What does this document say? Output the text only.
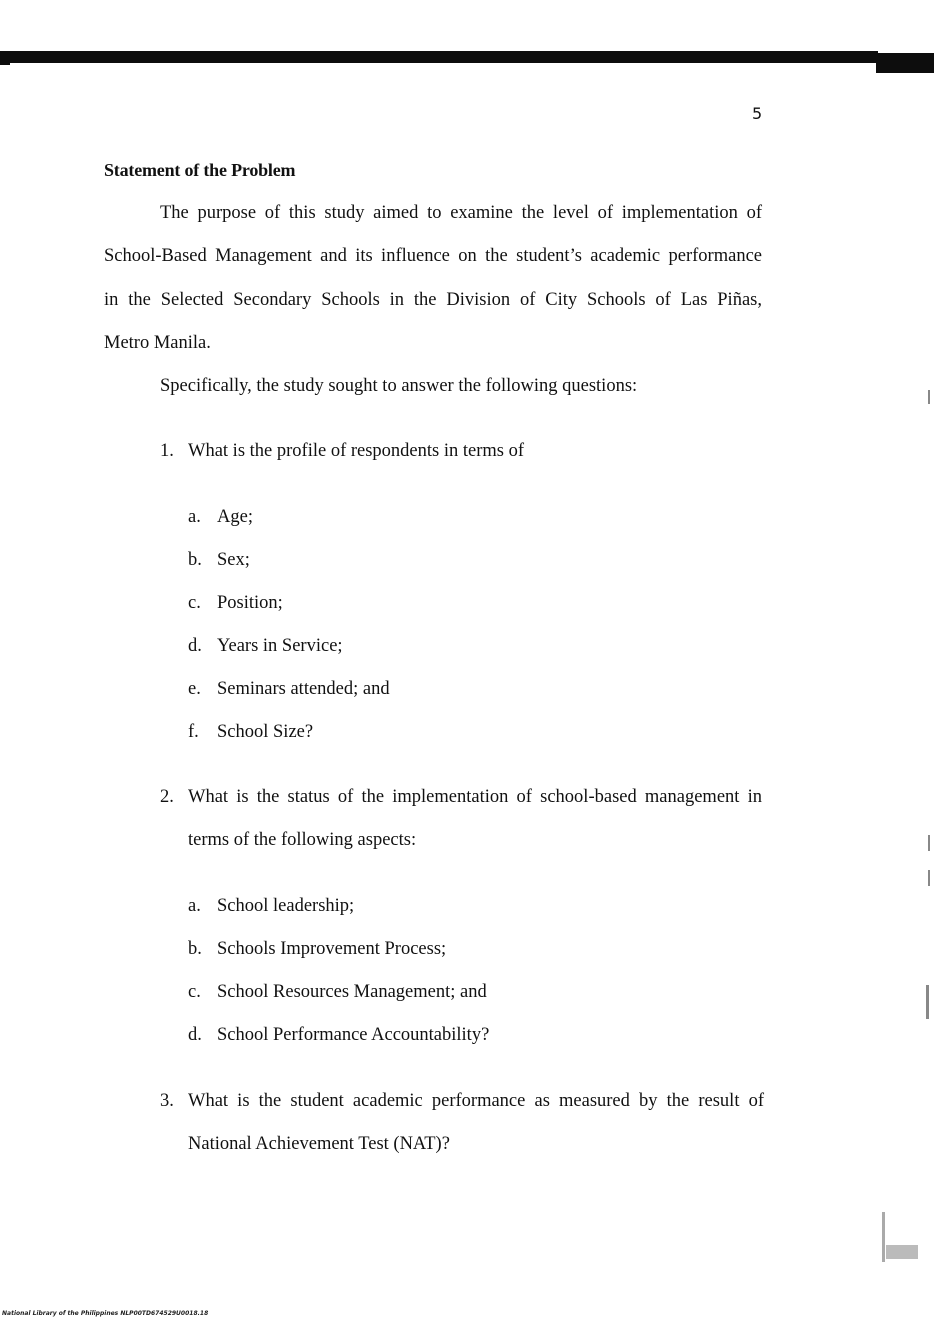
5
Statement of the Problem
The purpose of this study aimed to examine the level of implementation of
School-Based Management and its influence on the student’s academic performance
in the Selected Secondary Schools in the Division of City Schools of Las Piñas,
Metro Manila.
Specifically, the study sought to answer the following questions:
1. What is the profile of respondents in terms of
a. Age;
b. Sex;
c. Position;
d. Years in Service;
e. Seminars attended; and
f. School Size?
2. What is the status of the implementation of school-based management in
terms of the following aspects:
a. School leadership;
b. Schools Improvement Process;
c. School Resources Management; and
d. School Performance Accountability?
3. What is the student academic performance as measured by the result of
National Achievement Test (NAT)?
National Library of the Philippines NLP00TD674529U0018.18
